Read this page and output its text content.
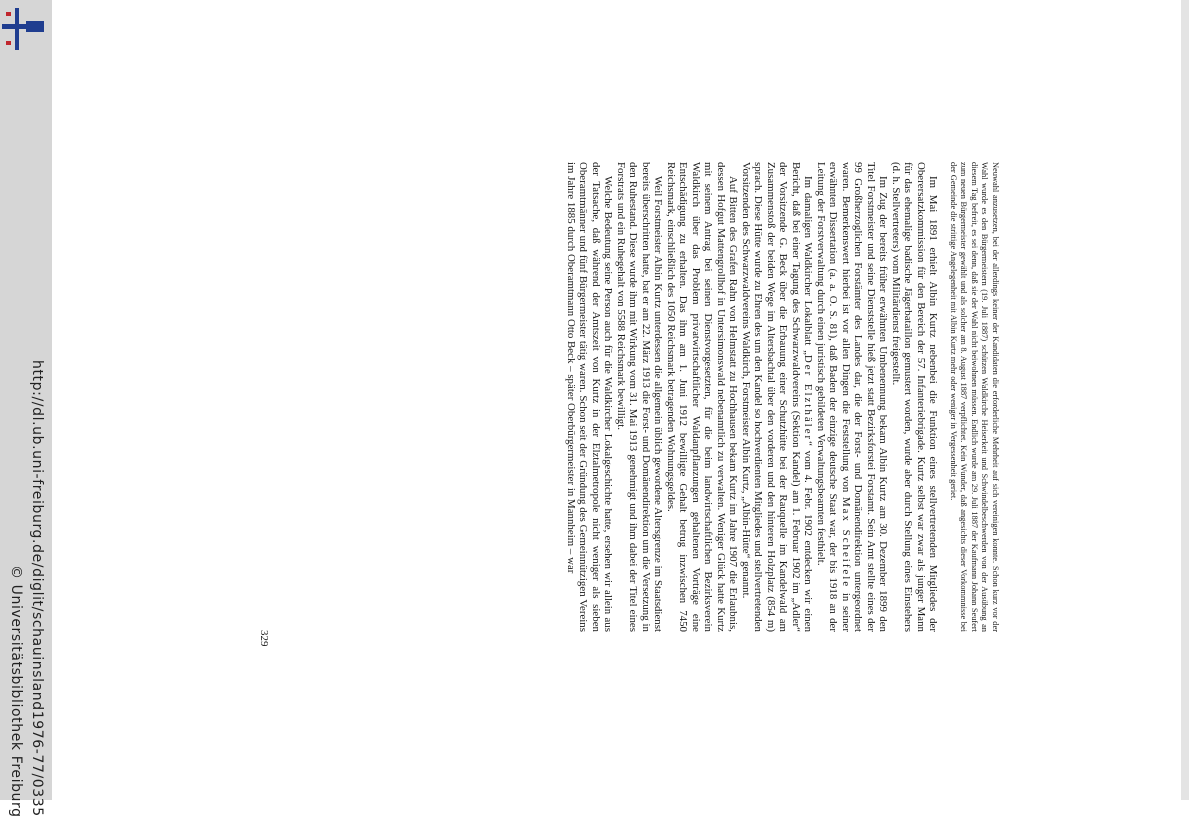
http://dl.ub.uni-freiburg.de/diglit/schauinsland1976-77/0335
© Universitätsbibliothek Freiburg

Neuwahl anzusetzen, bei der allerdings keiner der Kandidaten die erforderliche Mehrheit auf sich vereinigen konnte. Schon kurz vor der Wahl wurde es den Bürgermeistern (19. Juli 1887) schützen Waldkirche Heiserkeit und Schwindelbeschwerden von der Ausübung an diesem Tag befreit, es sei denn, daß sie der Wahl nicht beiwohnen müssen. Endlich wurde am 29. Juli 1887 der Kaufmann Johann Seufert zum neuen Bürgermeister gewählt und als solcher am 8. August 1887 verpflichtet. Kein Wunder, daß angesichts dieser Vorkommnisse bei der Gemeinde die strittige Angelegenheit mit Albin Kurtz mehr oder weniger in Vergessenheit geriet.

Im Mai 1891 erhielt Albin Kurtz nebenbei die Funktion eines stellvertretenden Mitgliedes der Oberersatzkommission für den Bereich der 57. Infanteriebrigade. Kurtz selbst war zwar als junger Mann für das ehemalige badische Jägerbataillon gemustert worden, wurde aber durch Stellung eines Einstehers (d. h. Stellvertreters) vom Militärdienst freigestellt.

Im Zug der bereits früher erwähnten Umbenennung bekam Albin Kurtz am 30. Dezember 1899 den Titel Forstmeister und seine Dienststelle hieß jetzt statt Bezirksforstei Forstamt. Sein Amt stellte eines der 99 Großherzoglichen Forstämter des Landes dar, die der Forst- und Domänendirektion untergeordnet waren. Bemerkenswert hierbei ist vor allen Dingen die Feststellung von Max Scheifele in seiner erwähnten Dissertation (a. a. O. S. 81), daß Baden der einzige deutsche Staat war, der bis 1918 an der Leitung der Forstverwaltung durch einen juristisch gebildeten Verwaltungsbeamten festhielt.

Im damaligen Waldkircher Lokalblatt „Der Elzthäler“ vom 4. Febr. 1902 entdecken wir einen Bericht, daß bei einer Tagung des Schwarzwaldvereins (Sektion Kandel) am 1. Februar 1902 im „Adler“ der Vorsitzende G. Beck über die Erbauung einer Schutzhütte bei der Rauquelle im Kandelwald am Zusammenstoß der beiden Wege im Altersbachtal über den vorderen und den hinteren Holzplatz (854 m) sprach. Diese Hütte wurde zu Ehren des um den Kandel so hochverdienten Mitgliedes und stellvertretenden Vorsitzenden des Schwarzwaldvereins Waldkirch, Forstmeister Albin Kurtz, „Albin-Hütte“ genannt.

Auf Bitten des Grafen Rahn von Helmstatt zu Hochhausen bekam Kurtz im Jahre 1907 die Erlaubnis, dessen Hofgut Mattengrollhof in Untersimonswald nebenamtlich zu verwalten. Weniger Glück hatte Kurtz mit seinem Antrag bei seinen Dienstvorgesetzten, für die beim landwirtschaftlichen Bezirksverein Waldkirch über das Problem privatwirtschaftlicher Waldanpflanzungen gehaltenen Vorträge eine Entschädigung zu erhalten. Das ihm am 1. Juni 1912 bewilligte Gehalt betrug inzwischen 7450 Reichsmark, einschließlich des 1050 Reichsmark betragenden Wohnungsgeldes.

Weil Forstmeister Albin Kurtz unterdessen die allgemein üblich gewordene Altersgrenze im Staatsdienst bereits überschritten hatte, bat er am 22. März 1913 die Forst- und Domänendirektion um die Versetzung in den Ruhestand. Diese wurde ihm mit Wirkung vom 31. Mai 1913 genehmigt und ihm dabei der Titel eines Forstrats und ein Ruhegehalt von 5588 Reichsmark bewilligt.

Welche Bedeutung seine Person auch für die Waldkircher Lokalgeschichte hatte, ersehen wir allein aus der Tatsache, daß während der Amtszeit von Kurtz in der Elztalmetropole nicht weniger als sieben Oberamtmänner und fünf Bürgermeister tätig waren. Schon seit der Gründung des Gemeinnützigen Vereins im Jahre 1885 durch Oberamtmann Otto Beck – später Oberbürgermeister in Mannheim – war

329
